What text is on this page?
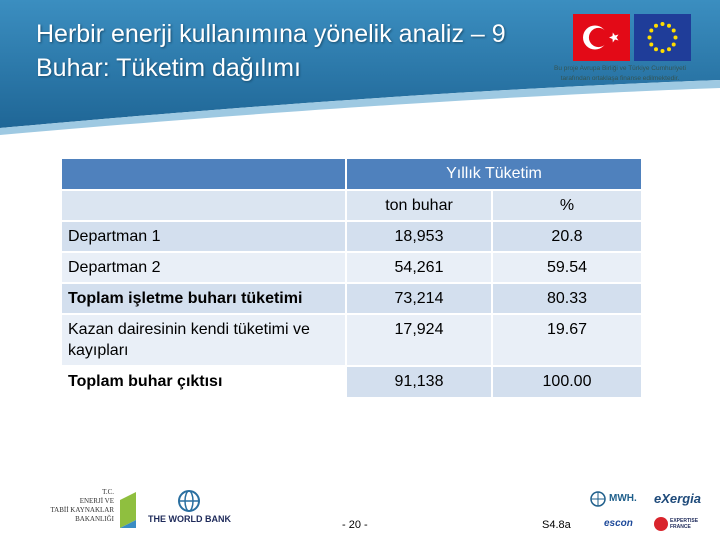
Herbir enerji kullanımına yönelik analiz – 9
Buhar: Tüketim dağılımı	Bu proje Avrupa Birliği ve Türkiye Cumhuriyeti
tarafından ortaklaşa finanse edilmektedir.
	Yıllık Tüketim	
	ton buhar	%
Departman 1	18,953	20.8
Departman 2	54,261	59.54
Toplam işletme buharı tüketimi	73,214	80.33
Kazan dairesinin kendi tüketimi ve kayıpları	17,924	19.67
Toplam buhar çıktısı	91,138	100.00
T.C.
ENERJİ VE
TABİİ KAYNAKLAR
BAKANLIĞI	THE WORLD BANK	- 20 -	S4.8a
MWH. eXergia
escon	EXPERTISE FRANCE
